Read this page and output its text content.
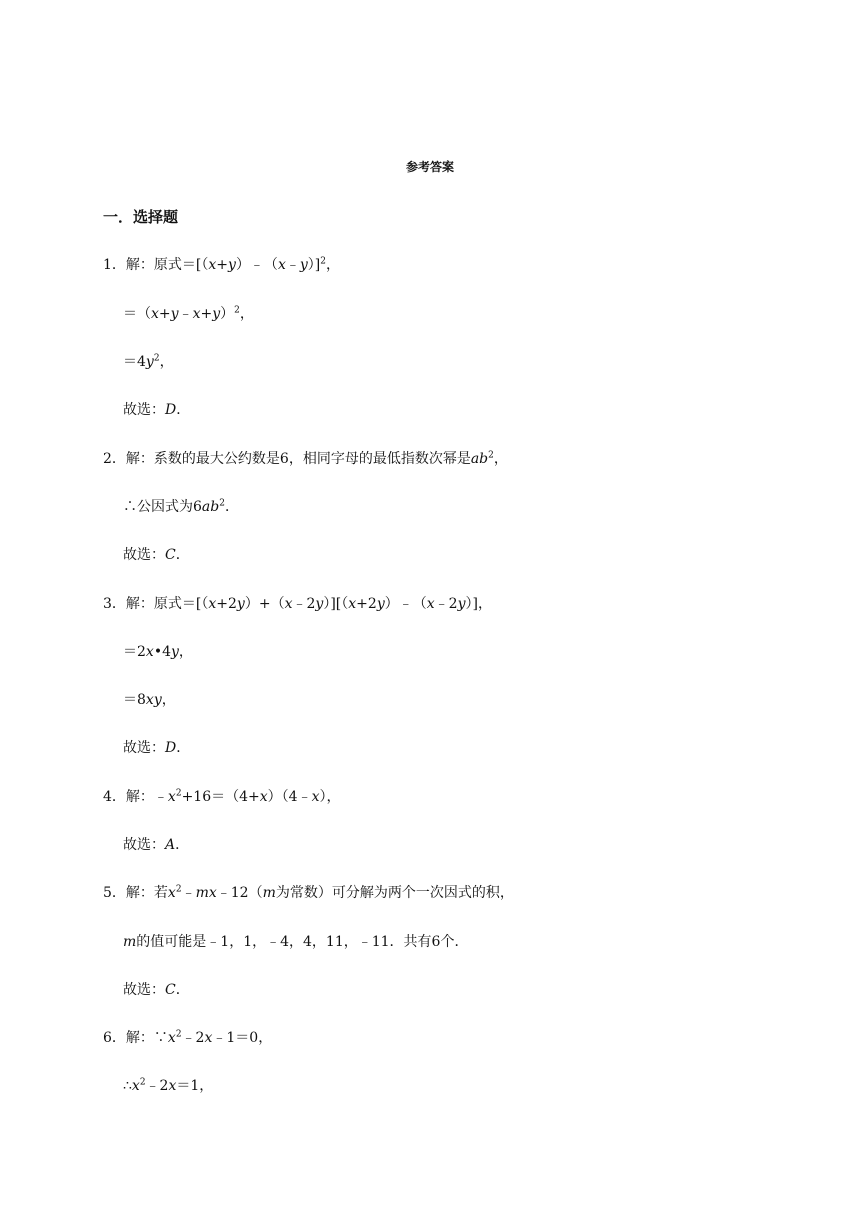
参考答案
一．选择题
1．解：原式＝[（x+y）﹣（x﹣y）]$^2$，
＝（x+y﹣x+y）$^2$，
$=4y^2$，
故选：D．
2．解：系数的最大公约数是6，相同字母的最低指数次幂是$ab^2$，
∴公因式为$6ab^2$．
故选：C．
3．解：原式＝[（x+2y）+（x﹣2y）][（x+2y）﹣（x﹣2y）]，
＝2x•4y，
＝8xy，
故选：D．
4．解：$﹣x^2+16=(4+x)(4﹣x)$，
故选：A．
5．解：若$x^2﹣mx﹣12(m$为常数）可分解为两个一次因式的积，
m的值可能是﹣1，1，﹣4，4，11，﹣11．共有6个．
故选：C．
6．解：$\because x^2﹣2x﹣1=0$，
$\therefore x^2﹣2x=1$，
